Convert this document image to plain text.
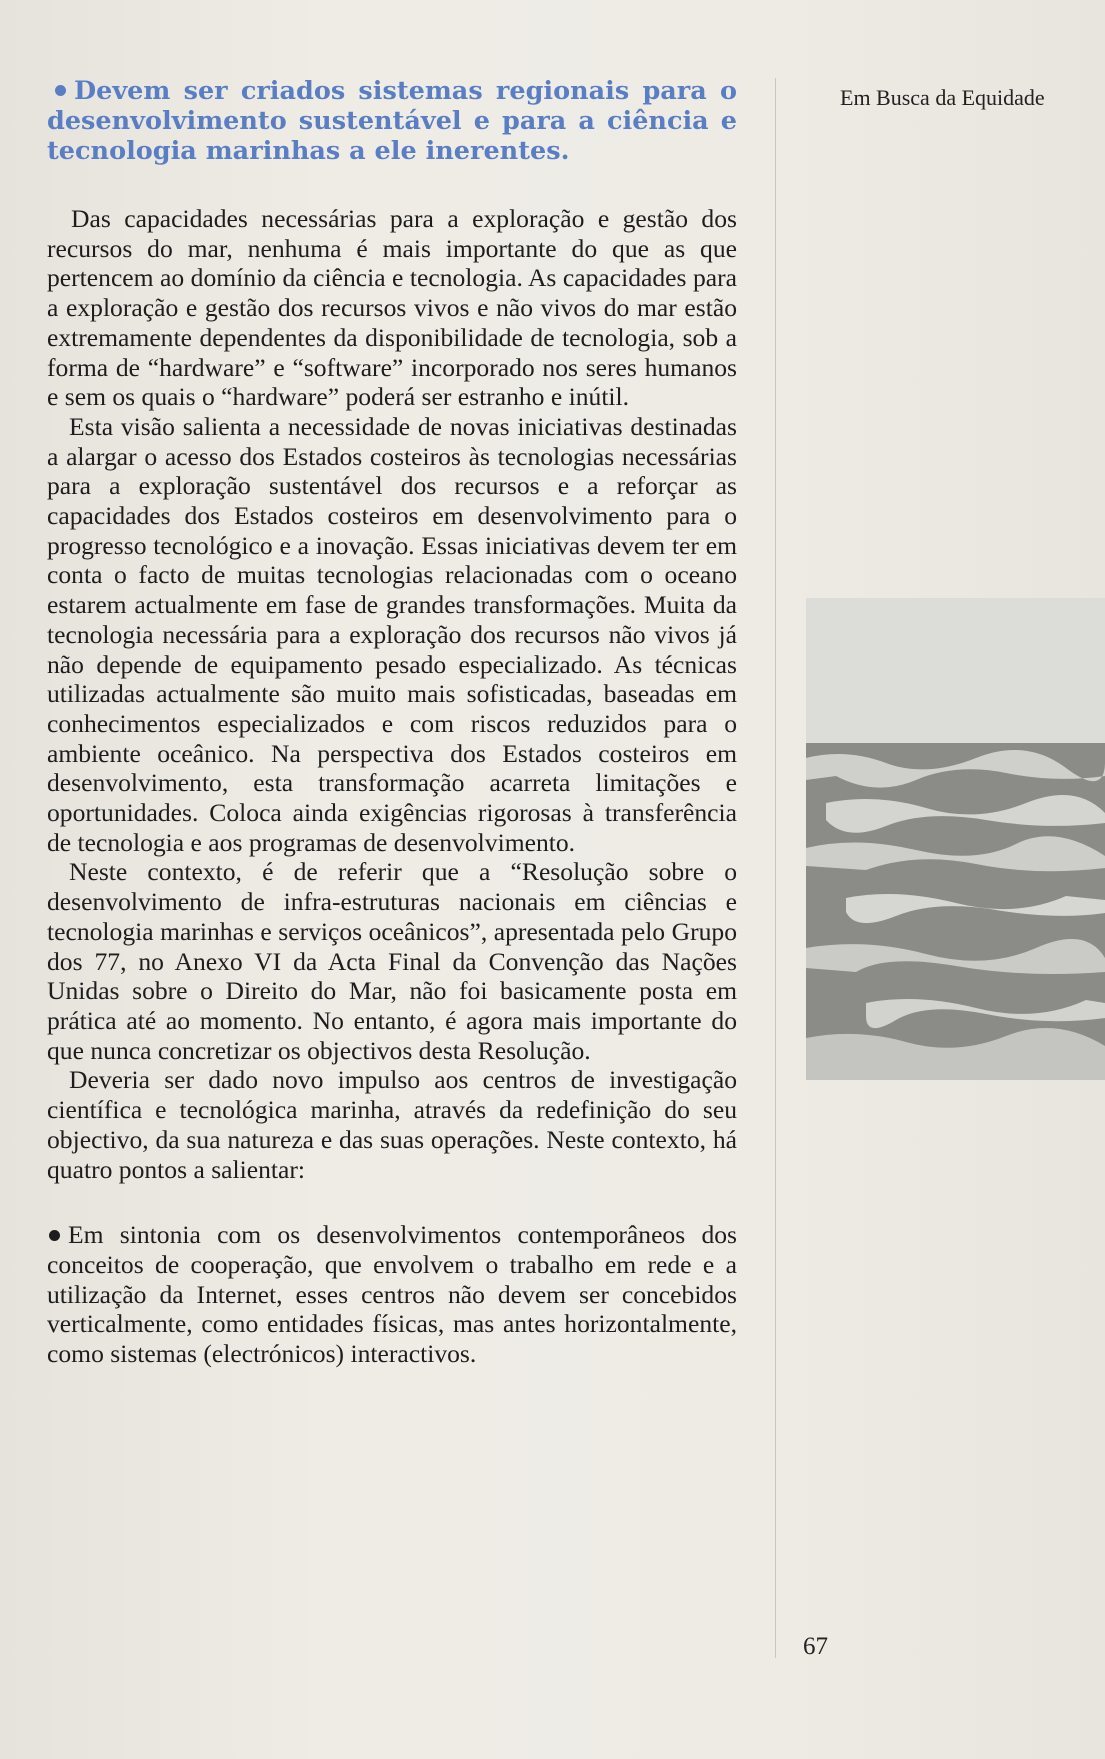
Devem ser criados sistemas regionais para o desenvolvimento sustentável e para a ciência e tecnologia marinhas a ele inerentes.

Das capacidades necessárias para a exploração e gestão dos recursos do mar, nenhuma é mais importante do que as que pertencem ao domínio da ciência e tecnologia. As capacidades para a exploração e gestão dos recursos vivos e não vivos do mar estão extremamente dependentes da disponibilidade de tecnologia, sob a forma de “hardware” e “software” incorporado nos seres humanos e sem os quais o “hardware” poderá ser estranho e inútil.

Esta visão salienta a necessidade de novas iniciativas destinadas a alargar o acesso dos Estados costeiros às tecnologias necessárias para a exploração sustentável dos recursos e a reforçar as capacidades dos Estados costeiros em desenvolvimento para o progresso tecnológico e a inovação. Essas iniciativas devem ter em conta o facto de muitas tecnologias relacionadas com o oceano estarem actualmente em fase de grandes transformações. Muita da tecnologia necessária para a exploração dos recursos não vivos já não depende de equipamento pesado especializado. As técnicas utilizadas actualmente são muito mais sofisticadas, baseadas em conhecimentos especializados e com riscos reduzidos para o ambiente oceânico. Na perspectiva dos Estados costeiros em desenvolvimento, esta transformação acarreta limitações e oportunidades. Coloca ainda exigências rigorosas à transferência de tecnologia e aos programas de desenvolvimento.

Neste contexto, é de referir que a “Resolução sobre o desenvolvimento de infra-estruturas nacionais em ciências e tecnologia marinhas e serviços oceânicos”, apresentada pelo Grupo dos 77, no Anexo VI da Acta Final da Convenção das Nações Unidas sobre o Direito do Mar, não foi basicamente posta em prática até ao momento. No entanto, é agora mais importante do que nunca concretizar os objectivos desta Resolução.

Deveria ser dado novo impulso aos centros de investigação científica e tecnológica marinha, através da redefinição do seu objectivo, da sua natureza e das suas operações. Neste contexto, há quatro pontos a salientar:

Em sintonia com os desenvolvimentos contemporâneos dos conceitos de cooperação, que envolvem o trabalho em rede e a utilização da Internet, esses centros não devem ser concebidos verticalmente, como entidades físicas, mas antes horizontalmente, como sistemas (electrónicos) interactivos.

Em Busca da Equidade
67
